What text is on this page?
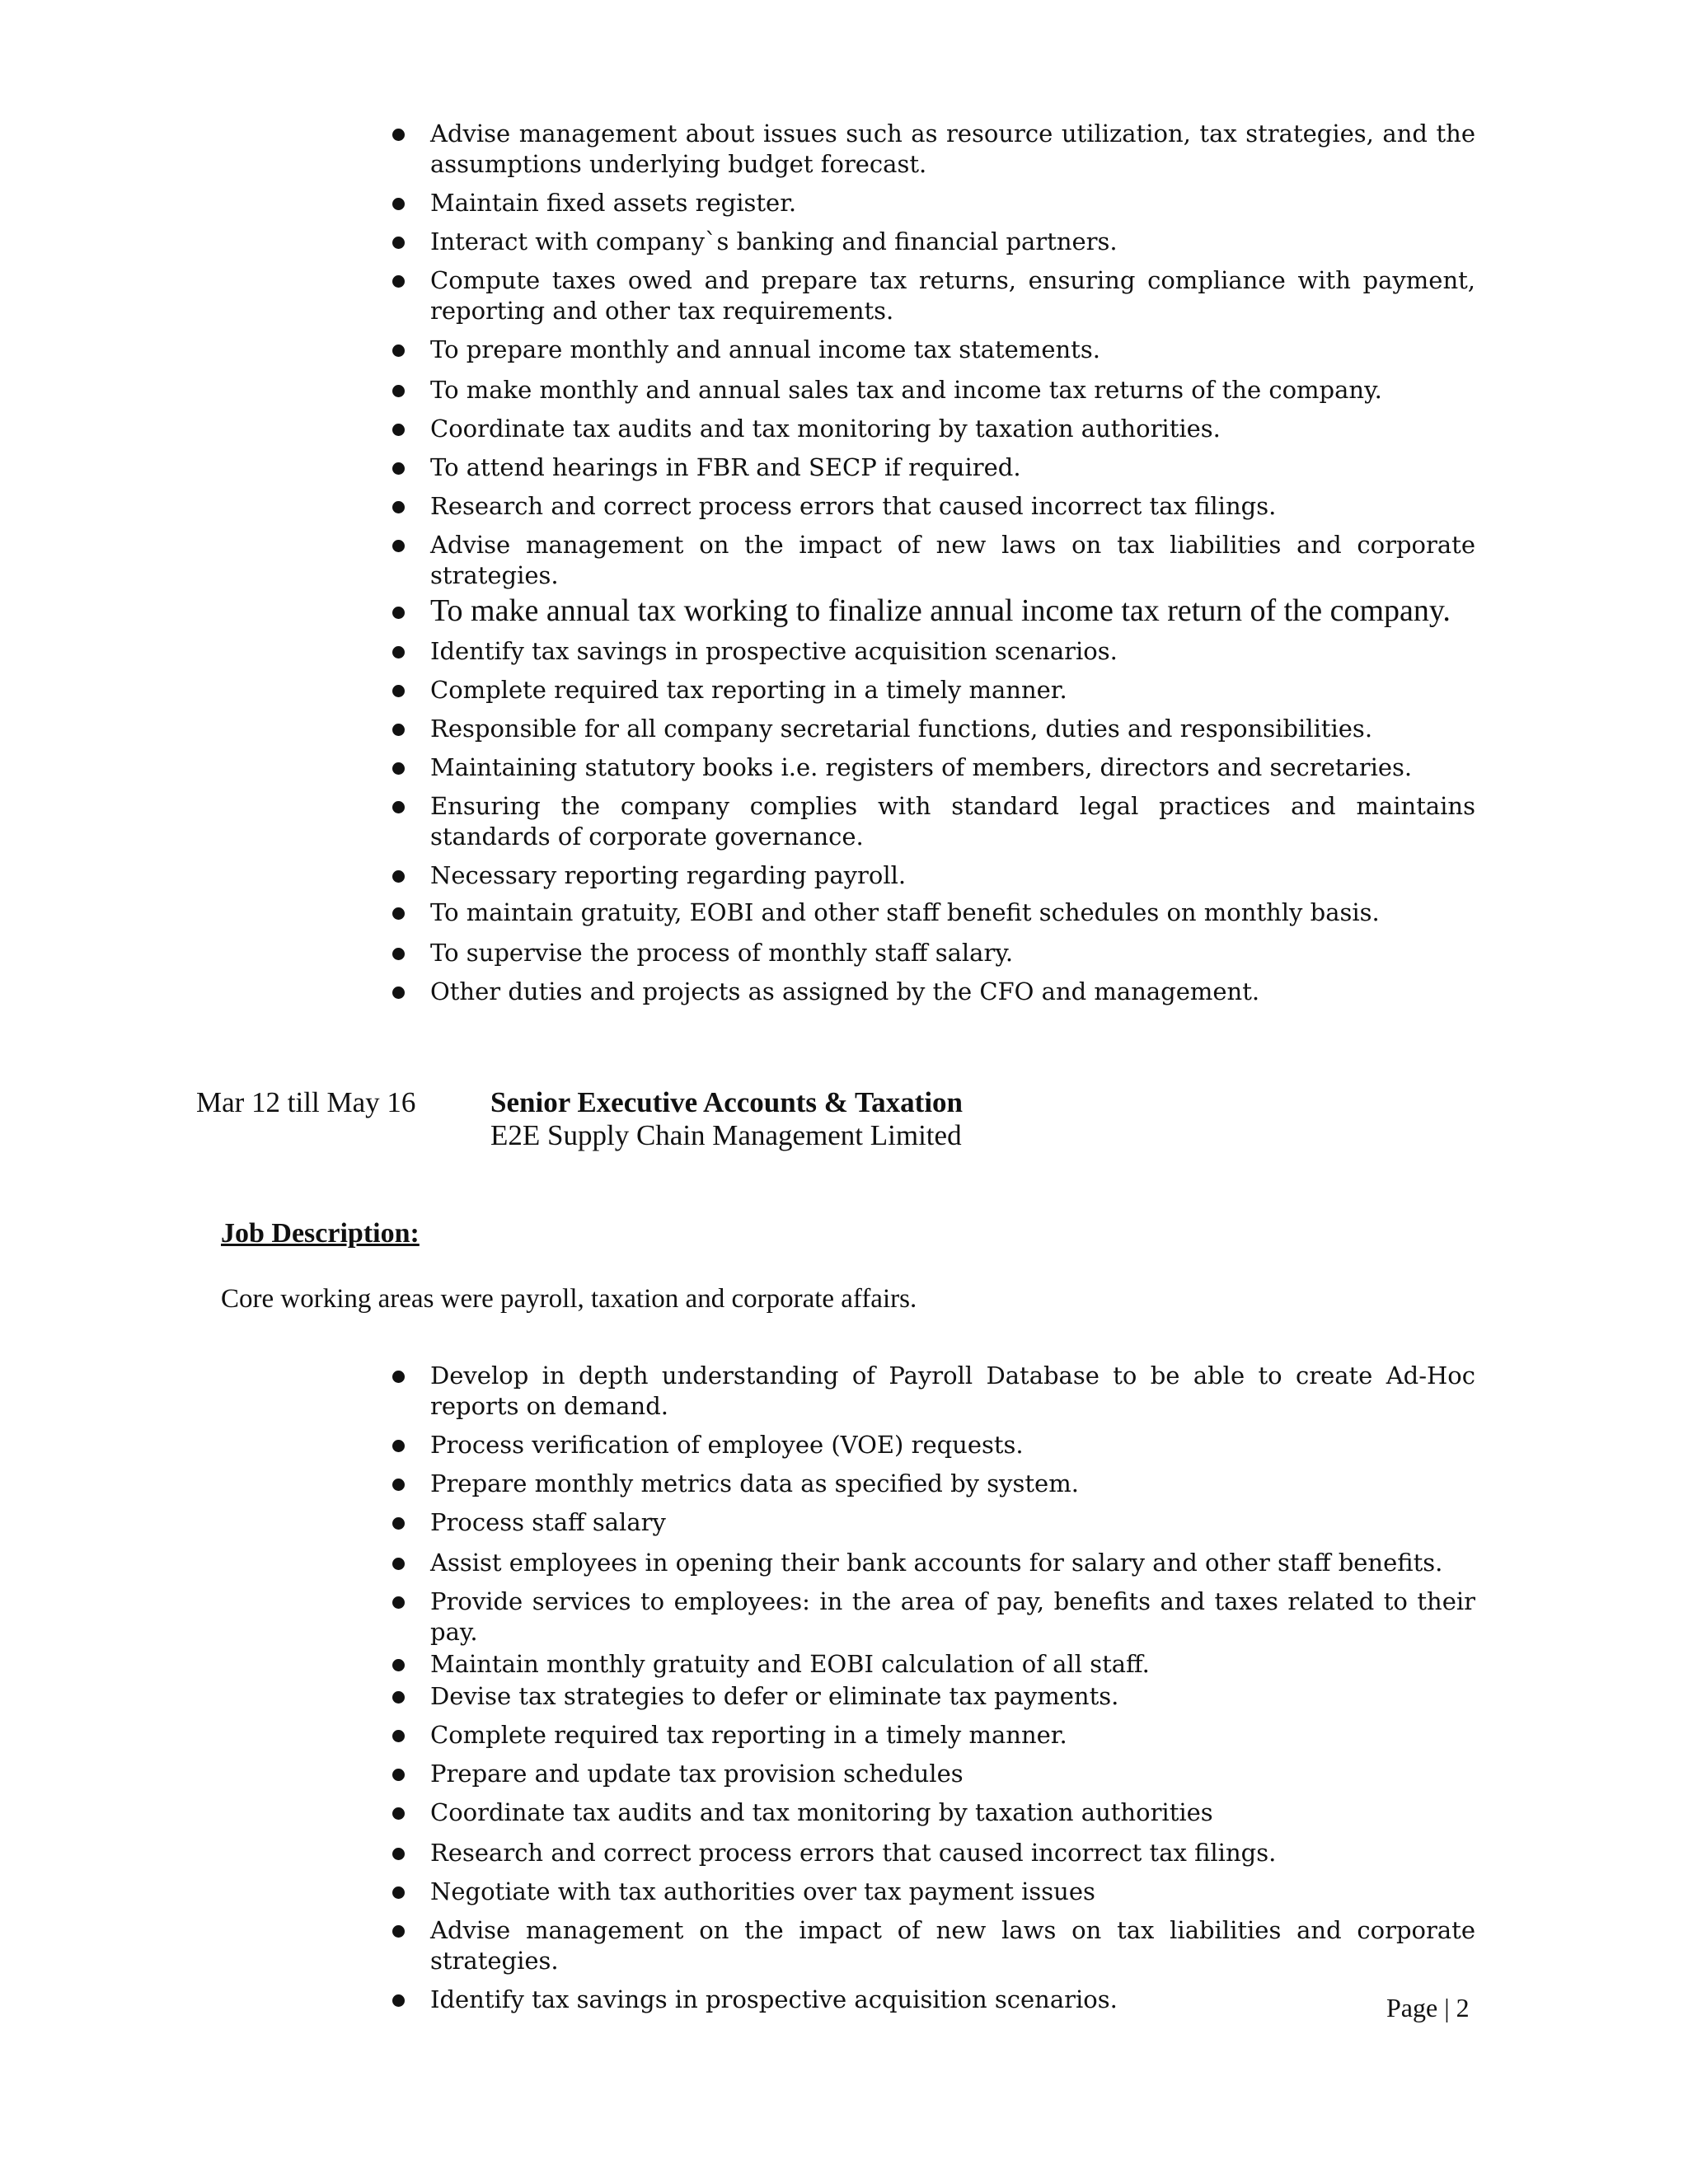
Advise management about issues such as resource utilization, tax strategies, and the assumptions underlying budget forecast.
Maintain fixed assets register.
Interact with company`s banking and financial partners.
Compute taxes owed and prepare tax returns, ensuring compliance with payment, reporting and other tax requirements.
To prepare monthly and annual income tax statements.
To make monthly and annual sales tax and income tax returns of the company.
Coordinate tax audits and tax monitoring by taxation authorities.
To attend hearings in FBR and SECP if required.
Research and correct process errors that caused incorrect tax filings.
Advise management on the impact of new laws on tax liabilities and corporate strategies.
To make annual tax working to finalize annual income tax return of the company.
Identify tax savings in prospective acquisition scenarios.
Complete required tax reporting in a timely manner.
Responsible for all company secretarial functions, duties and responsibilities.
Maintaining statutory books i.e. registers of members, directors and secretaries.
Ensuring the company complies with standard legal practices and maintains standards of corporate governance.
Necessary reporting regarding payroll.
To maintain gratuity, EOBI and other staff benefit schedules on monthly basis.
To supervise the process of monthly staff salary.
Other duties and projects as assigned by the CFO and management.
Mar 12 till May 16	Senior Executive Accounts & Taxation
E2E Supply Chain Management Limited
Job Description:
Core working areas were payroll, taxation and corporate affairs.
Develop in depth understanding of Payroll Database to be able to create Ad-Hoc reports on demand.
Process verification of employee (VOE) requests.
Prepare monthly metrics data as specified by system.
Process staff salary
Assist employees in opening their bank accounts for salary and other staff benefits.
Provide services to employees: in the area of pay, benefits and taxes related to their pay.
Maintain monthly gratuity and EOBI calculation of all staff.
Devise tax strategies to defer or eliminate tax payments.
Complete required tax reporting in a timely manner.
Prepare and update tax provision schedules
Coordinate tax audits and tax monitoring by taxation authorities
Research and correct process errors that caused incorrect tax filings.
Negotiate with tax authorities over tax payment issues
Advise management on the impact of new laws on tax liabilities and corporate strategies.
Identify tax savings in prospective acquisition scenarios.	Page | 2
